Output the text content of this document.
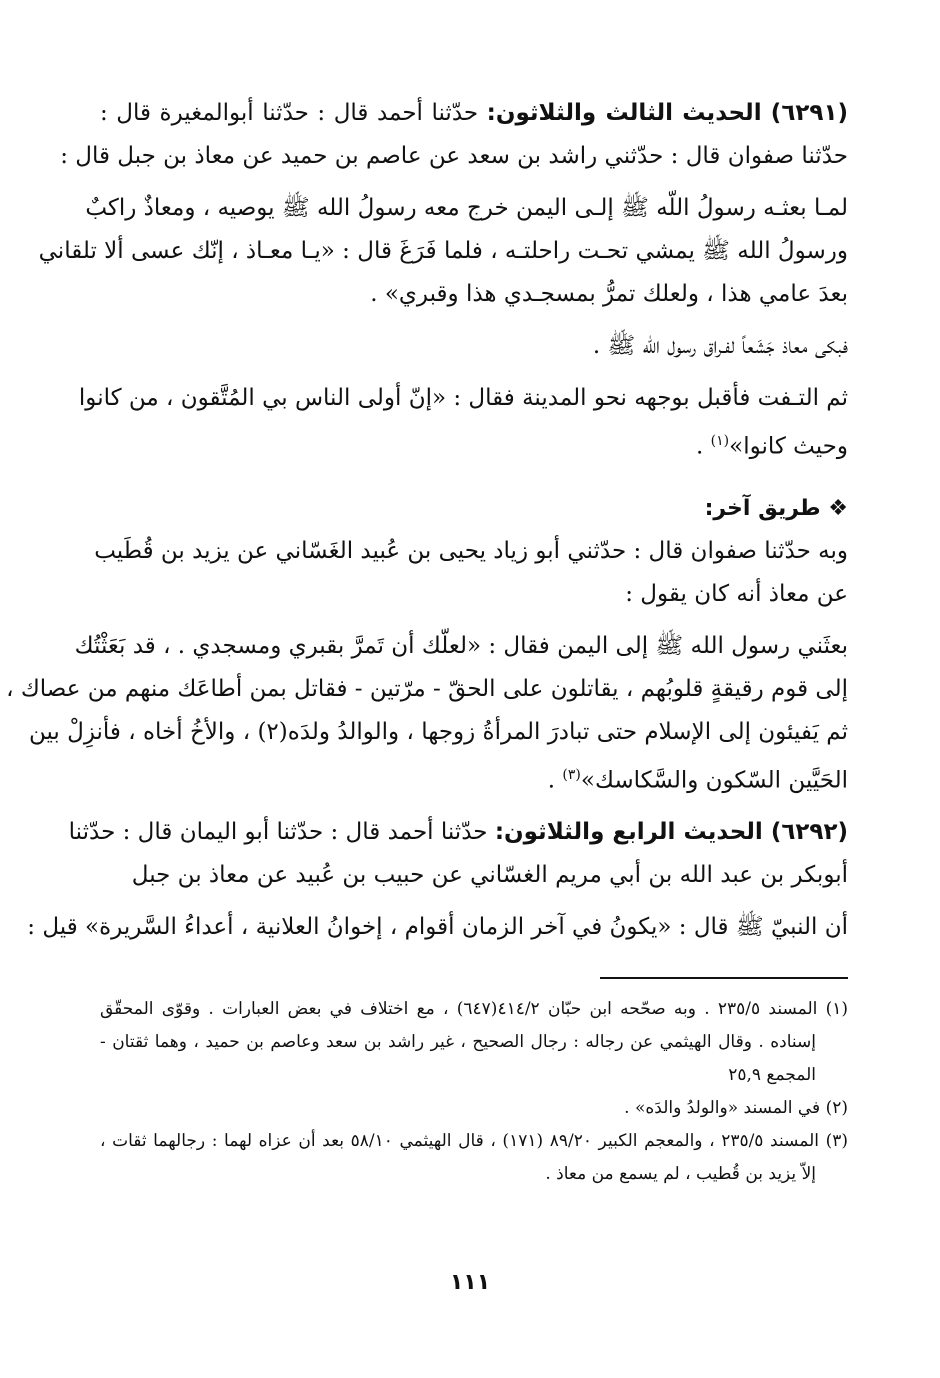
(٦٢٩١) الحديث الثالث والثلاثون: حدّثنا أحمد قال : حدّثنا أبوالمغيرة قال :
حدّثنا صفوان قال : حدّثني راشد بن سعد عن عاصم بن حميد عن معاذ بن جبل قال :
لمـا بعثـه رسولُ اللّه ﷺ إلـى اليمن خرج معه رسولُ الله ﷺ يوصيه ، ومعاذٌ راكبٌ
ورسولُ الله ﷺ يمشي تحـت راحلتـه ، فلما فَرَغَ قال : «يـا معـاذ ، إنّك عسى ألا تلقاني
بعدَ عامي هذا ، ولعلك تمرُّ بمسجـدي هذا وقبري» .
فبكى معاذ جَشَعاً لفـراق رسول الله ﷺ .
ثم التـفت فأقبل بوجهه نحو المدينة فقال : «إنّ أولى الناس بي المُتَّقون ، من كانوا
وحيث كانوا»$^{(١)}$ .
❖ طريق آخر:
وبه حدّثنا صفوان قال : حدّثني أبو زياد يحيى بن عُبيد الغَسّاني عن يزيد بن قُطَيب
عن معاذ أنه كان يقول :
بعثَني رسول الله ﷺ إلى اليمن فقال : «لعلّك أن تَمرَّ بقبري ومسجدي . ، قد بَعَثْتُك
إلى قوم رقيقةٍ قلوبُهم ، يقاتلون على الحقّ - مرّتين - فقاتل بمن أطاعَك منهم من عصاك ،
ثم يَفيئون إلى الإسلام حتى تبادرَ المرأةُ زوجها ، والوالدُ ولدَه(٢) ، والأخُ أخاه ، فأنزِلْ بين
الحَيَّين السّكون والسَّكاسك»$^{(٣)}$ .
(٦٢٩٢) الحديث الرابع والثلاثون: حدّثنا أحمد قال : حدّثنا أبو اليمان قال : حدّثنا
أبوبكر بن عبد الله بن أبي مريم الغسّاني عن حبيب بن عُبيد عن معاذ بن جبل
أن النبيّ ﷺ قال : «يكونُ في آخر الزمان أقوام ، إخوانُ العلانية ، أعداءُ السَّريرة» قيل :
(١) المسند ٢٣٥/٥ . وبه صحّحه ابن حبّان ٤١٤/٢(٦٤٧) ، مع اختلاف في بعض العبارات . وقوّى المحقّق
إسناده . وقال الهيثمي عن رجاله : رجال الصحيح ، غير راشد بن سعد وعاصم بن حميد ، وهما ثقتان -
المجمع ٢٥,٩
(٢) في المسند «والولدُ والدَه» .
(٣) المسند ٢٣٥/٥ ، والمعجم الكبير ٨٩/٢٠ (١٧١) ، قال الهيثمي ٥٨/١٠ بعد أن عزاه لهما : رجالهما ثقات ،
إلاّ يزيد بن قُطيب ، لم يسمع من معاذ .
١١١
